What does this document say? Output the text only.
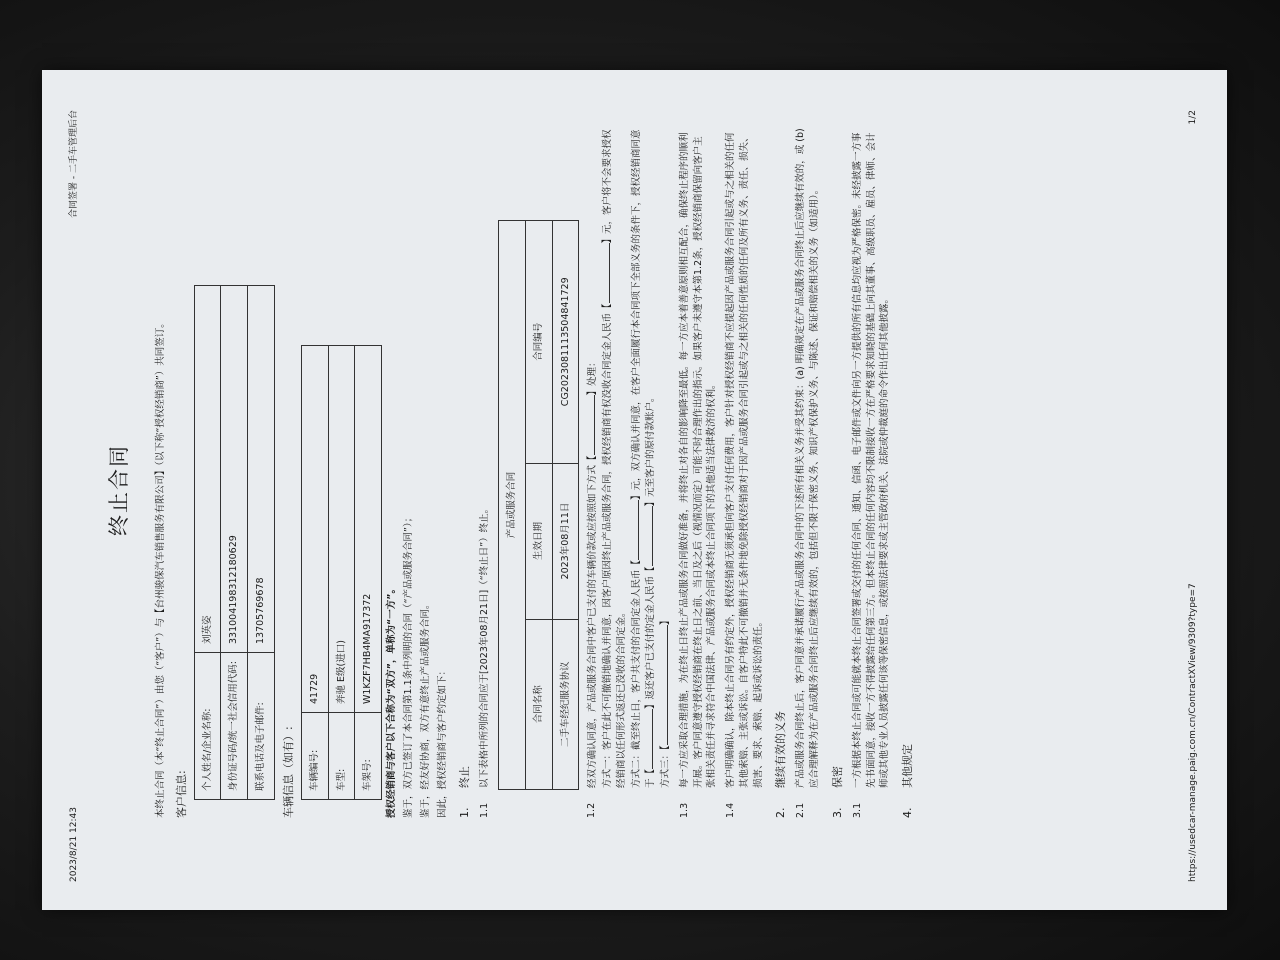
2023/8/21 12:43
合同签署 - 二手车管理后台
终止合同	本终止合同（本“终止合同”）由您（“客户”）与【台州骏保汽车销售服务有限公司】（以下称“授权经销商”）共同签订。 客户信息:
个人姓名/企业名称:	刘英姿
身份证号码/统一社会信用代码:	331004198312180629
联系电话及电子邮件:	13705769678
车辆信息（如有）: 车辆编号:	41729
车型:	奔驰 E级(进口)
车架号:	W1KZF7HB4MA917372 授权经销商与客户以下合称为“双方”，单称为“一方”。 鉴于，双方已签订了本合同第1.1条中列明的合同（“产品或服务合同”）； 鉴于，经友好协商，双方有意终止产品或服务合同。 因此，授权经销商与客户约定如下： 1.
终止
1.1
以下表格中所列的合同应于[2023年08月21日]（“终止日”）终止。 产品或服务合同		
合同名称	生效日期	合同编号
二手车经纪服务协议	2023年08月11日	CG20230811135048417​29
1.2
经双方确认同意，产品或服务合同中客户已支付的车辆价款或应按照如下方式【】处理： 方式一：客户在此不可撤销地确认并同意，因客户原因终止产品或服务合同，授权经销商有权没收合同定金人民币【】元，客户将不会要求授权经销商以任何形式返还已没收的合同定金。 方式二：截至终止日，客户共支付的合同定金人民币【】元，双方确认并同意，在客户全面履行本合同项下全部义务的条件下，授权经销商同意于【】返还客户已支付的定金人民币【】元至客户的原付款账户。
方式三：【】
1.3
每一方应采取合理措施，为在终止日终止产品或服务合同做好准备，并将终止对各自的影响降至最低。每一方应本着善意原则相互配合，确保终止程序的顺利开展。客户同意遵守授权经销商在终止日之前、当日及之后（视情况而定）可能不时合理作出的指示。如果客户未遵守本第1.2条，授权经销商保留向客户主张相关责任并寻求符合中国法律、产品或服务合同或本终止合同项下的其他适当法律救济的权利。
1.4
客户明确确认，除本终止合同另有约定外，授权经销商无须承担向客户支付任何费用，客户针对授权经销商不应提起因产品或服务合同引起或与之相关的任何其他索赔、主张或诉讼。自客户特此不可撤销并无条件地免除授权经销商对于因产品或服务合同引起或与之相关的任何性质的任何及所有义务、责任、损失、损害、要求、索赔、起诉或诉讼的责任。
2.
继续有效的义务
2.1
产品或服务合同终止后，客户同意并承诺履行产品或服务合同中的下述所有相关义务并受其约束：(a) 明确规定在产品或服务合同终止后应继续有效的，或 (b) 应合理解释为在产品或服务合同终止后应继续有效的，包括但不限于保密义务、知识产权保护义务、与陈述、保证和赔偿相关的义务（如适用）。
3.
保密
3.1
一方根据本终止合同或可能就本终止合同签署或交付的任何合同、通知、信函、电子邮件或文件向另一方提供的所有信息均应视为严格保密。未经披露一方事先书面同意，接收一方不得披露给任何第三方。但本终止合同的任何内容均不限制接收一方在严格要求知晓的基础上向其董事、高级职员、雇员、律师、会计师或其他专业人员披露任何该等保密信息，或按照法律要求或主管政府机关、法院或仲裁庭的命令作出任何其他披露。
4.
其他规定	https://usedcar-manage.paig.com.cn/ContractXView/9309?type=7
1/2
